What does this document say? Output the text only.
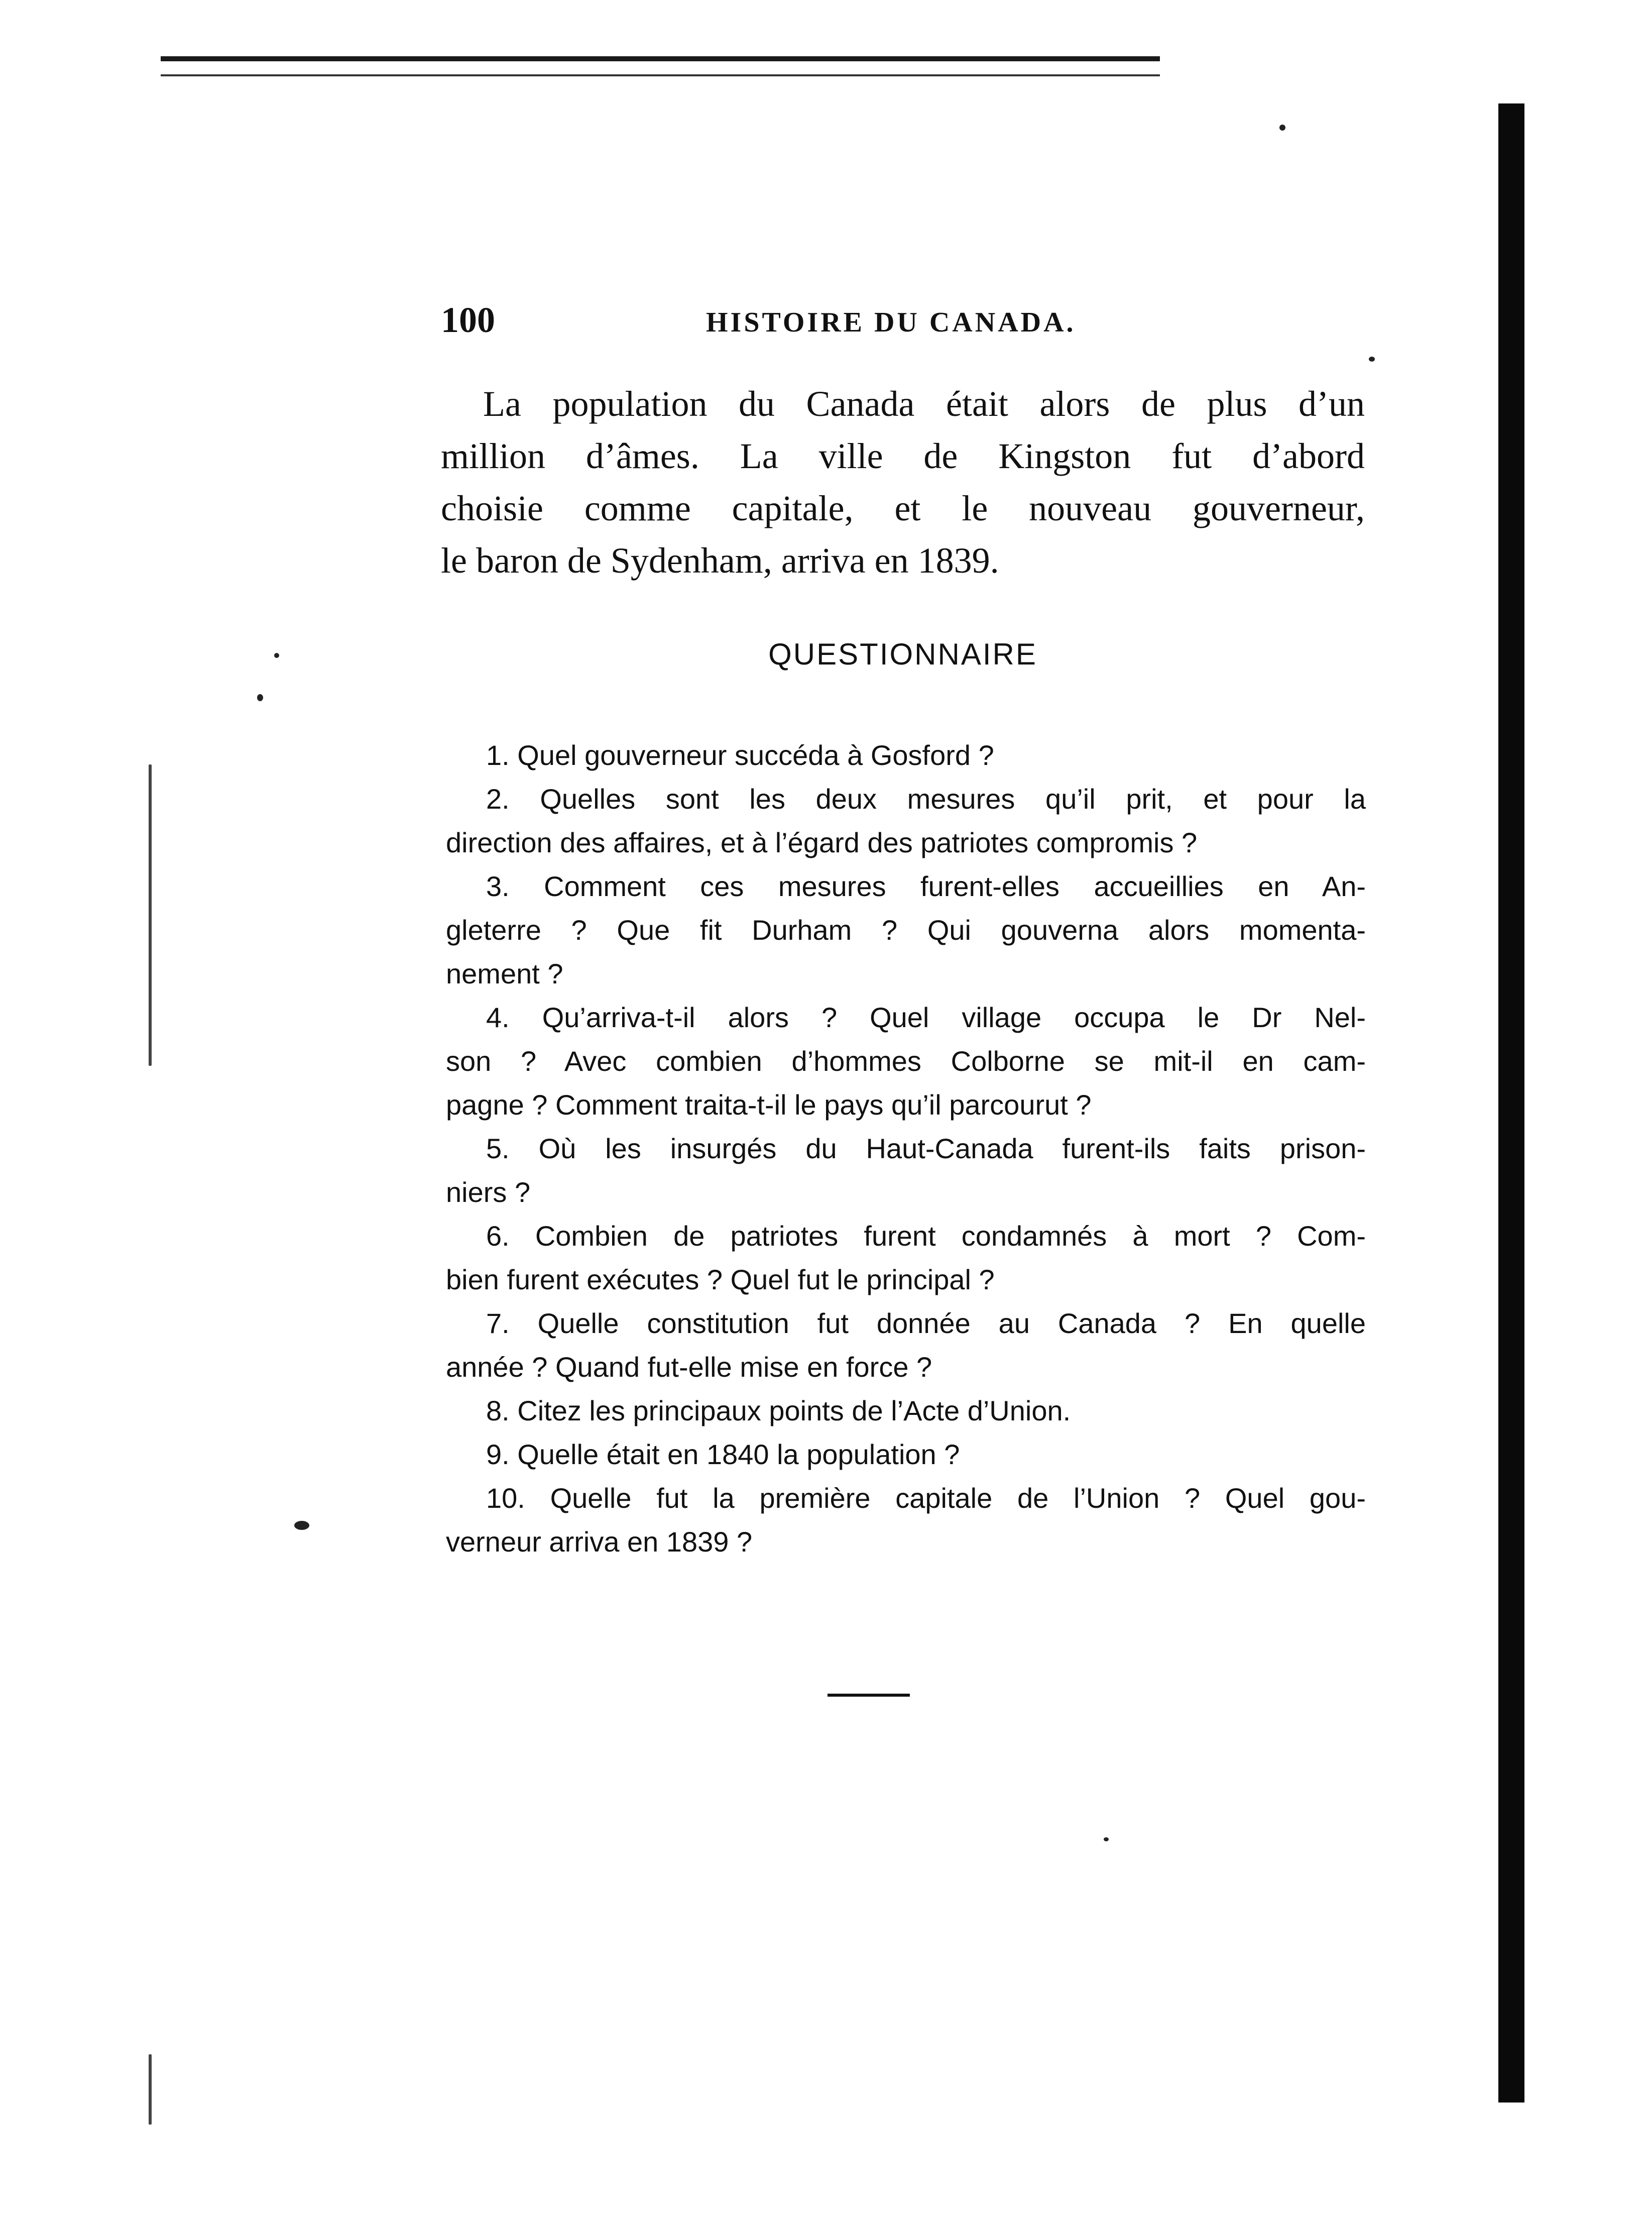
100	HISTOIRE DU CANADA.
La population du Canada était alors de plus d’un
million d’âmes. La ville de Kingston fut d’abord
choisie comme capitale, et le nouveau gouverneur,
le baron de Sydenham, arriva en 1839.
QUESTIONNAIRE
1. Quel gouverneur succéda à Gosford ?
2. Quelles sont les deux mesures qu’il prit, et pour la
direction des affaires, et à l’égard des patriotes compromis ?
3. Comment ces mesures furent-elles accueillies en An-
gleterre ? Que fit Durham ? Qui gouverna alors momenta-
nement ?
4. Qu’arriva-t-il alors ? Quel village occupa le Dr Nel-
son ? Avec combien d’hommes Colborne se mit-il en cam-
pagne ? Comment traita-t-il le pays qu’il parcourut ?
5. Où les insurgés du Haut-Canada furent-ils faits prison-
niers ?
6. Combien de patriotes furent condamnés à mort ? Com-
bien furent exécutes ? Quel fut le principal ?
7. Quelle constitution fut donnée au Canada ? En quelle
année ? Quand fut-elle mise en force ?
8. Citez les principaux points de l’Acte d’Union.
9. Quelle était en 1840 la population ?
10. Quelle fut la première capitale de l’Union ? Quel gou-
verneur arriva en 1839 ?
